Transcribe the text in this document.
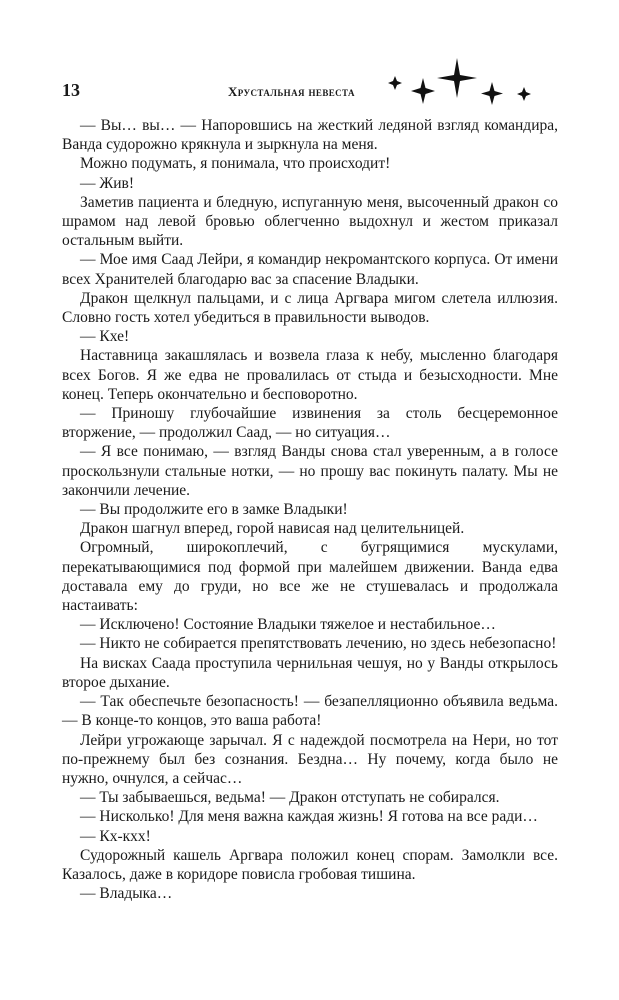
13	Хрустальная невеста

— Вы… вы… — Напоровшись на жесткий ледяной взгляд командира, Ванда судорожно крякнула и зыркнула на меня.

Можно подумать, я понимала, что происходит!

— Жив!

Заметив пациента и бледную, испуганную меня, высоченный дракон со шрамом над левой бровью облегченно выдохнул и жестом приказал остальным выйти.

— Мое имя Саад Лейри, я командир некромантского корпуса. От имени всех Хранителей благодарю вас за спасение Владыки.

Дракон щелкнул пальцами, и с лица Аргвара мигом слетела иллюзия. Словно гость хотел убедиться в правильности выводов.

— Кхе!

Наставница закашлялась и возвела глаза к небу, мысленно благодаря всех Богов. Я же едва не провалилась от стыда и безысходности. Мне конец. Теперь окончательно и бесповоротно.

— Приношу глубочайшие извинения за столь бесцеремонное вторжение, — продолжил Саад, — но ситуация…

— Я все понимаю, — взгляд Ванды снова стал уверенным, а в голосе проскользнули стальные нотки, — но прошу вас покинуть палату. Мы не закончили лечение.

— Вы продолжите его в замке Владыки!

Дракон шагнул вперед, горой нависая над целительницей.

Огромный, широкоплечий, с бугрящимися мускулами, перекатывающимися под формой при малейшем движении. Ванда едва доставала ему до груди, но все же не стушевалась и продолжала настаивать:

— Исключено! Состояние Владыки тяжелое и нестабильное…

— Никто не собирается препятствовать лечению, но здесь небезопасно!

На висках Саада проступила чернильная чешуя, но у Ванды открылось второе дыхание.

— Так обеспечьте безопасность! — безапелляционно объявила ведьма. — В конце-то концов, это ваша работа!

Лейри угрожающе зарычал. Я с надеждой посмотрела на Нери, но тот по-прежнему был без сознания. Бездна… Ну почему, когда было не нужно, очнулся, а сейчас…

— Ты забываешься, ведьма! — Дракон отступать не собирался.

— Нисколько! Для меня важна каждая жизнь! Я готова на все ради…

— Кх-кхх!

Судорожный кашель Аргвара положил конец спорам. Замолкли все. Казалось, даже в коридоре повисла гробовая тишина.

— Владыка…
